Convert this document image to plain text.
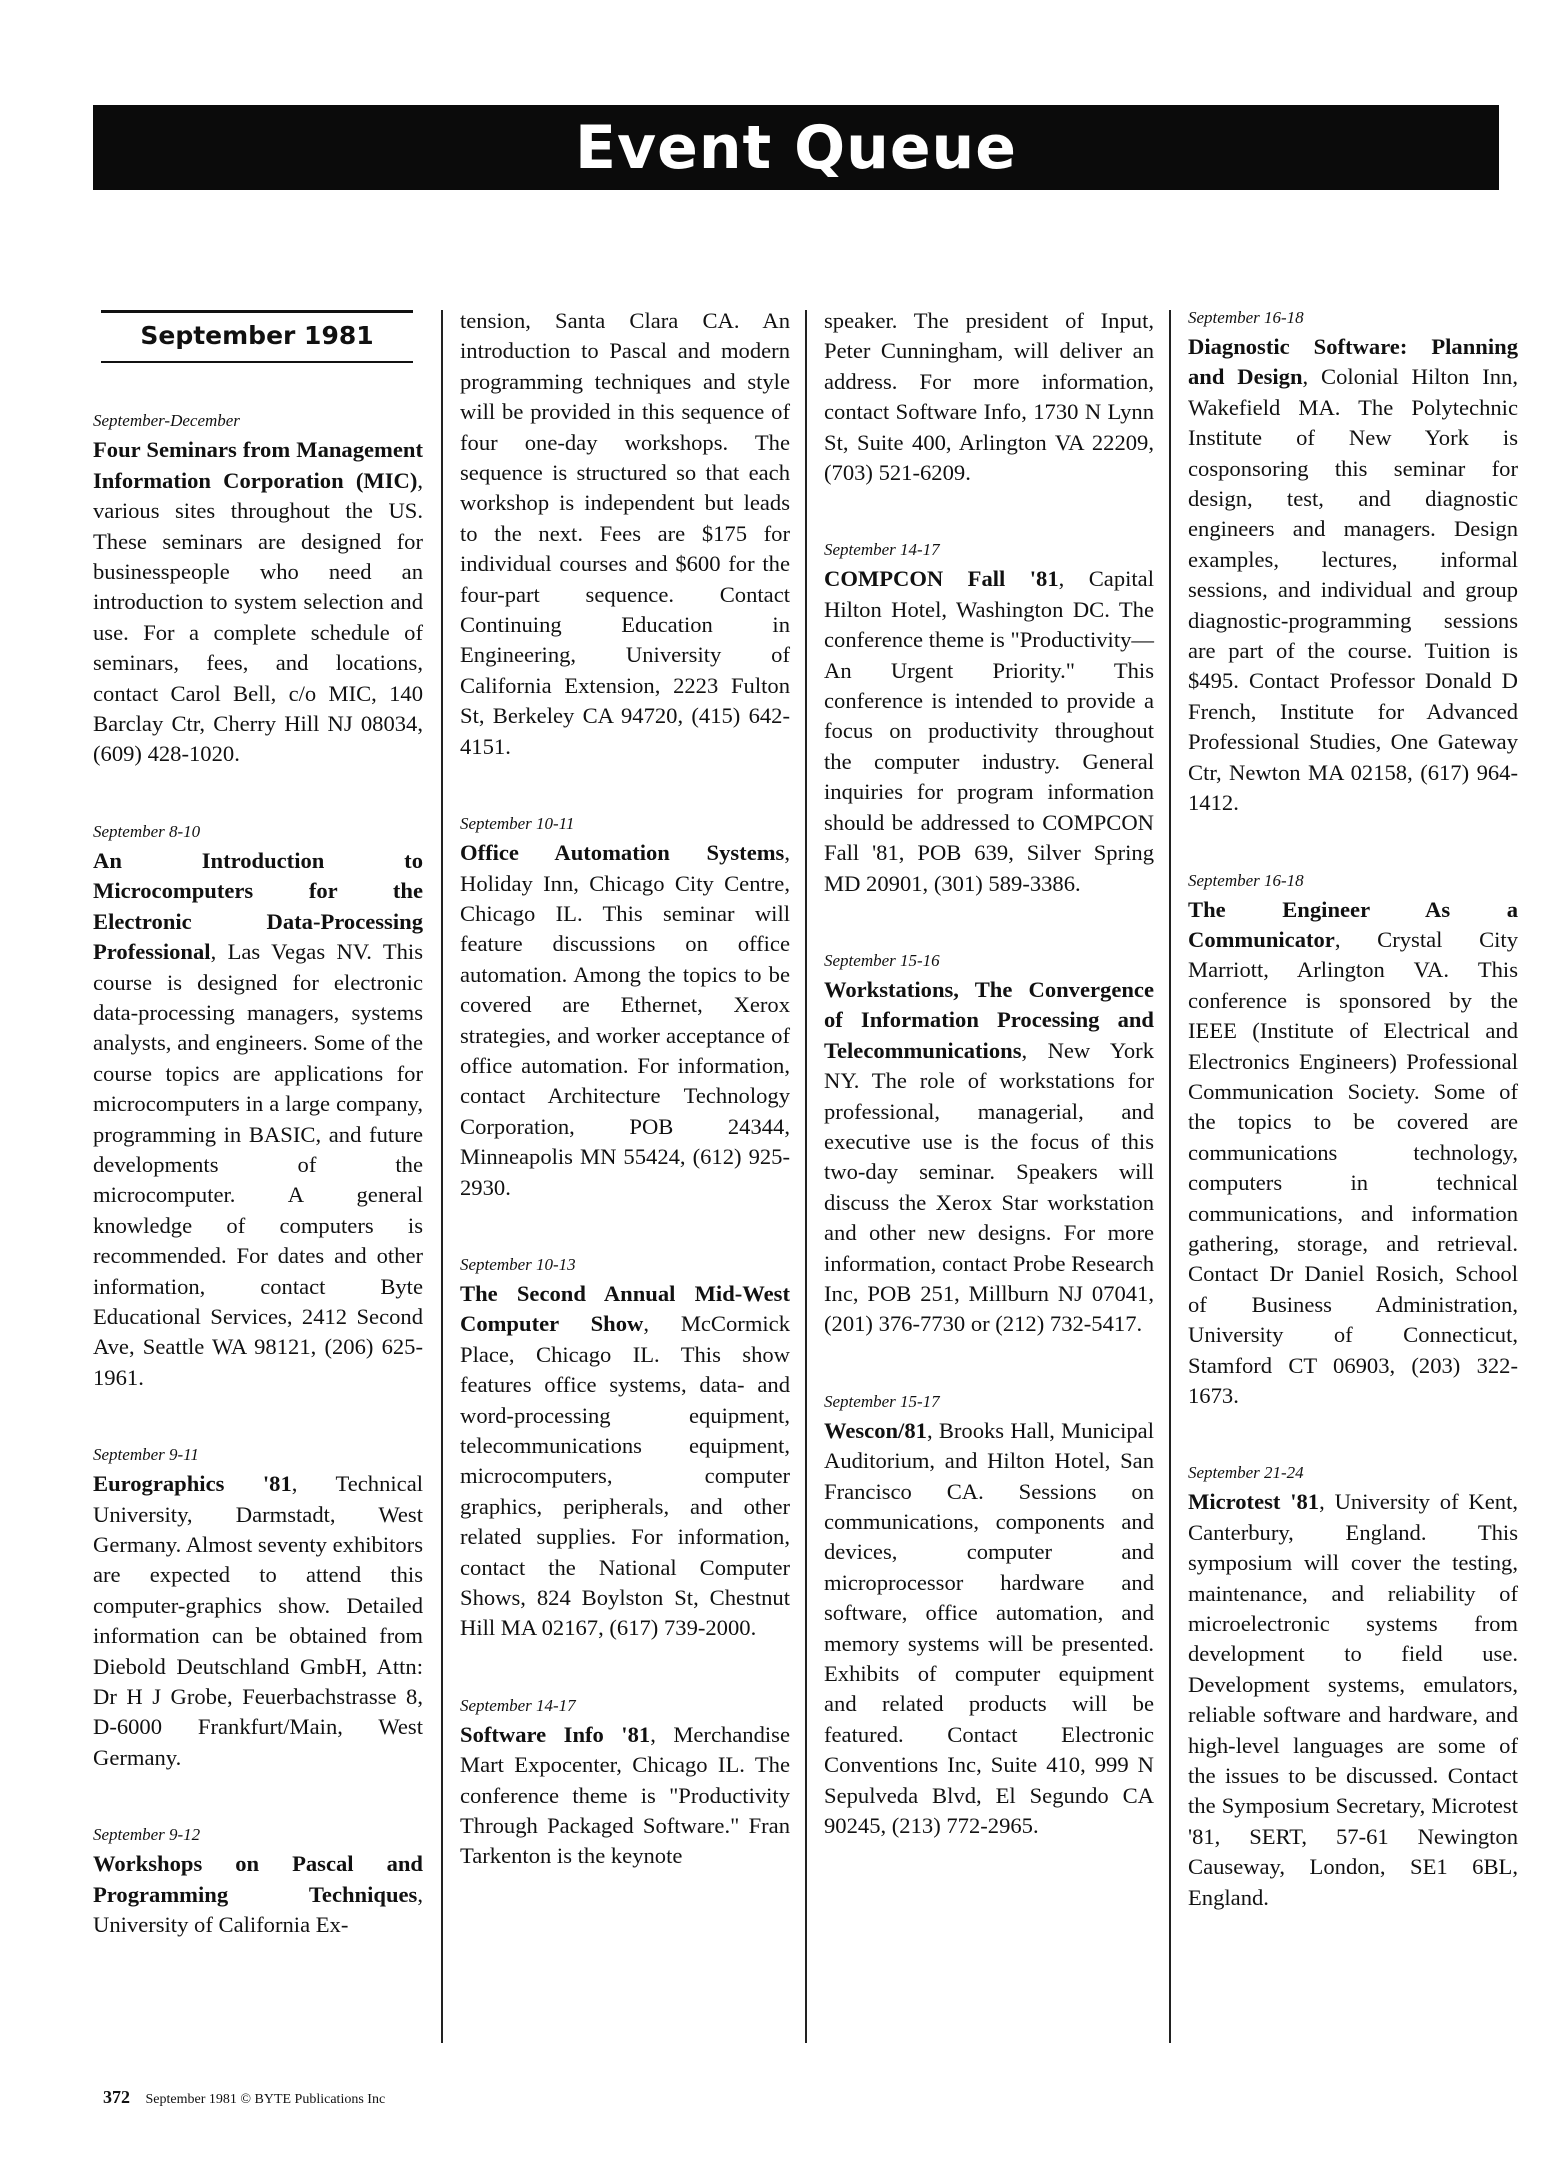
Event Queue
September 1981
September-December

Four Seminars from Management Information Corporation (MIC), various sites throughout the US. These seminars are designed for businesspeople who need an introduction to system selection and use. For a complete schedule of seminars, fees, and locations, contact Carol Bell, c/o MIC, 140 Barclay Ctr, Cherry Hill NJ 08034, (609) 428-1020.

September 8-10

An Introduction to Microcomputers for the Electronic Data-Processing Professional, Las Vegas NV. This course is designed for electronic data-processing managers, systems analysts, and engineers. Some of the course topics are applications for microcomputers in a large company, programming in BASIC, and future developments of the microcomputer. A general knowledge of computers is recommended. For dates and other information, contact Byte Educational Services, 2412 Second Ave, Seattle WA 98121, (206) 625-1961.

September 9-11

Eurographics '81, Technical University, Darmstadt, West Germany. Almost seventy exhibitors are expected to attend this computer-graphics show. Detailed information can be obtained from Diebold Deutschland GmbH, Attn: Dr H J Grobe, Feuerbachstrasse 8, D-6000 Frankfurt/Main, West Germany.

September 9-12

Workshops on Pascal and Programming Techniques, University of California Ex-

tension, Santa Clara CA. An introduction to Pascal and modern programming techniques and style will be provided in this sequence of four one-day workshops. The sequence is structured so that each workshop is independent but leads to the next. Fees are $175 for individual courses and $600 for the four-part sequence. Contact Continuing Education in Engineering, University of California Extension, 2223 Fulton St, Berkeley CA 94720, (415) 642-4151.

September 10-11

Office Automation Systems, Holiday Inn, Chicago City Centre, Chicago IL. This seminar will feature discussions on office automation. Among the topics to be covered are Ethernet, Xerox strategies, and worker acceptance of office automation. For information, contact Architecture Technology Corporation, POB 24344, Minneapolis MN 55424, (612) 925-2930.

September 10-13

The Second Annual Mid-West Computer Show, McCormick Place, Chicago IL. This show features office systems, data- and word-processing equipment, telecommunications equipment, microcomputers, computer graphics, peripherals, and other related supplies. For information, contact the National Computer Shows, 824 Boylston St, Chestnut Hill MA 02167, (617) 739-2000.

September 14-17

Software Info '81, Merchandise Mart Expocenter, Chicago IL. The conference theme is "Productivity Through Packaged Software." Fran Tarkenton is the keynote

speaker. The president of Input, Peter Cunningham, will deliver an address. For more information, contact Software Info, 1730 N Lynn St, Suite 400, Arlington VA 22209, (703) 521-6209.

September 14-17

COMPCON Fall '81, Capital Hilton Hotel, Washington DC. The conference theme is "Productivity—An Urgent Priority." This conference is intended to provide a focus on productivity throughout the computer industry. General inquiries for program information should be addressed to COMPCON Fall '81, POB 639, Silver Spring MD 20901, (301) 589-3386.

September 15-16

Workstations, The Convergence of Information Processing and Telecommunications, New York NY. The role of workstations for professional, managerial, and executive use is the focus of this two-day seminar. Speakers will discuss the Xerox Star workstation and other new designs. For more information, contact Probe Research Inc, POB 251, Millburn NJ 07041, (201) 376-7730 or (212) 732-5417.

September 15-17

Wescon/81, Brooks Hall, Municipal Auditorium, and Hilton Hotel, San Francisco CA. Sessions on communications, components and devices, computer and microprocessor hardware and software, office automation, and memory systems will be presented. Exhibits of computer equipment and related products will be featured. Contact Electronic Conventions Inc, Suite 410, 999 N Sepulveda Blvd, El Segundo CA 90245, (213) 772-2965.

September 16-18

Diagnostic Software: Planning and Design, Colonial Hilton Inn, Wakefield MA. The Polytechnic Institute of New York is cosponsoring this seminar for design, test, and diagnostic engineers and managers. Design examples, lectures, informal sessions, and individual and group diagnostic-programming sessions are part of the course. Tuition is $495. Contact Professor Donald D French, Institute for Advanced Professional Studies, One Gateway Ctr, Newton MA 02158, (617) 964-1412.

September 16-18

The Engineer As a Communicator, Crystal City Marriott, Arlington VA. This conference is sponsored by the IEEE (Institute of Electrical and Electronics Engineers) Professional Communication Society. Some of the topics to be covered are communications technology, computers in technical communications, and information gathering, storage, and retrieval. Contact Dr Daniel Rosich, School of Business Administration, University of Connecticut, Stamford CT 06903, (203) 322-1673.

September 21-24

Microtest '81, University of Kent, Canterbury, England. This symposium will cover the testing, maintenance, and reliability of microelectronic systems from development to field use. Development systems, emulators, reliable software and hardware, and high-level languages are some of the issues to be discussed. Contact the Symposium Secretary, Microtest '81, SERT, 57-61 Newington Causeway, London, SE1 6BL, England.

372 September 1981 © BYTE Publications Inc
